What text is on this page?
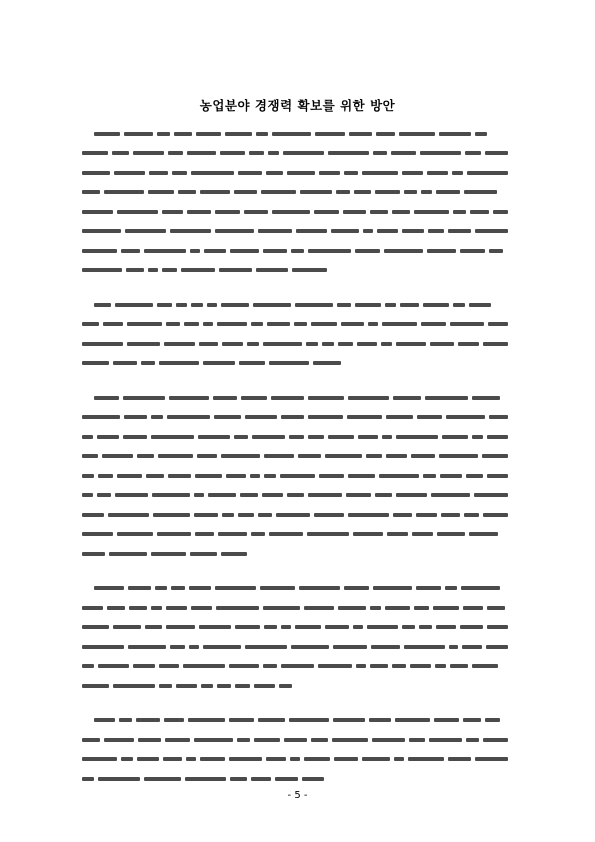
농업분야 경쟁력 확보를 위한 방안
- 5 -
